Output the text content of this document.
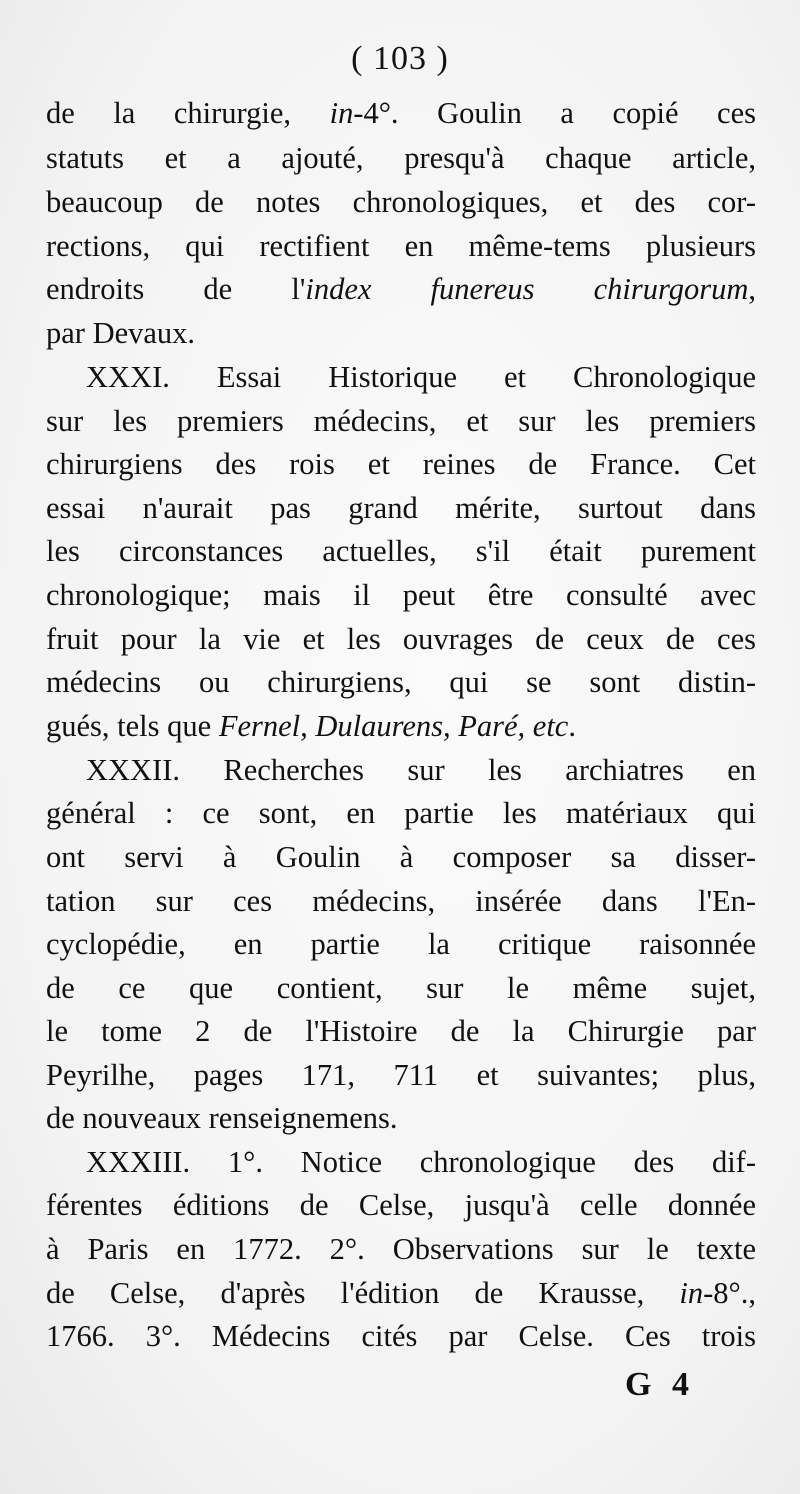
( 103 )
de la chirurgie, in-4°. Goulin a copié ces
statuts et a ajouté, presqu'à chaque article,
beaucoup de notes chronologiques, et des cor-
rections, qui rectifient en même-tems plusieurs
endroits de l'index funereus chirurgorum,
par Devaux.
XXXI. Essai Historique et Chronologique
sur les premiers médecins, et sur les premiers
chirurgiens des rois et reines de France. Cet
essai n'aurait pas grand mérite, surtout dans
les circonstances actuelles, s'il était purement
chronologique; mais il peut être consulté avec
fruit pour la vie et les ouvrages de ceux de ces
médecins ou chirurgiens, qui se sont distin-
gués, tels que Fernel, Dulaurens, Paré, etc.
XXXII. Recherches sur les archiatres en
général : ce sont, en partie les matériaux qui
ont servi à Goulin à composer sa disser-
tation sur ces médecins, insérée dans l'En-
cyclopédie, en partie la critique raisonnée
de ce que contient, sur le même sujet,
le tome 2 de l'Histoire de la Chirurgie par
Peyrilhe, pages 171, 711 et suivantes; plus,
de nouveaux renseignemens.
XXXIII. 1°. Notice chronologique des dif-
férentes éditions de Celse, jusqu'à celle donnée
à Paris en 1772. 2°. Observations sur le texte
de Celse, d'après l'édition de Krausse, in-8°.,
1766. 3°. Médecins cités par Celse. Ces trois
G 4
